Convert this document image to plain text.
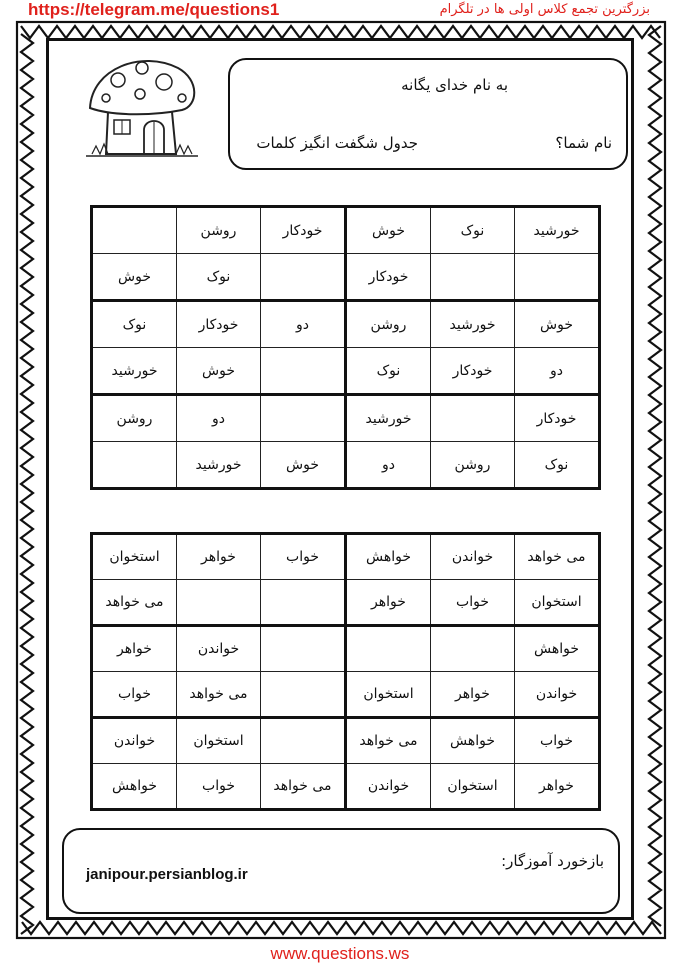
https://telegram.me/questions1	بزرگترین تجمع کلاس اولی ها در تلگرام
به نام خدای یگانه
نام شما؟
جدول شگفت انگیز کلمات
خورشید	نوک	خوش	خودکار	روشن	
		خودکار		نوک	خوش
خوش	خورشید	روشن	دو	خودکار	نوک
دو	خودکار	نوک		خوش	خورشید
خودکار		خورشید		دو	روشن
نوک	روشن	دو	خوش	خورشید	
می خواهد	خواندن	خواهش	خواب	خواهر	استخوان
استخوان	خواب	خواهر			می خواهد
خواهش				خواندن	خواهر
خواندن	خواهر	استخوان		می خواهد	خواب
خواب	خواهش	می خواهد		استخوان	خواندن
خواهر	استخوان	خواندن	می خواهد	خواب	خواهش
بازخورد آموزگار:
janipour.persianblog.ir
www.questions.ws
